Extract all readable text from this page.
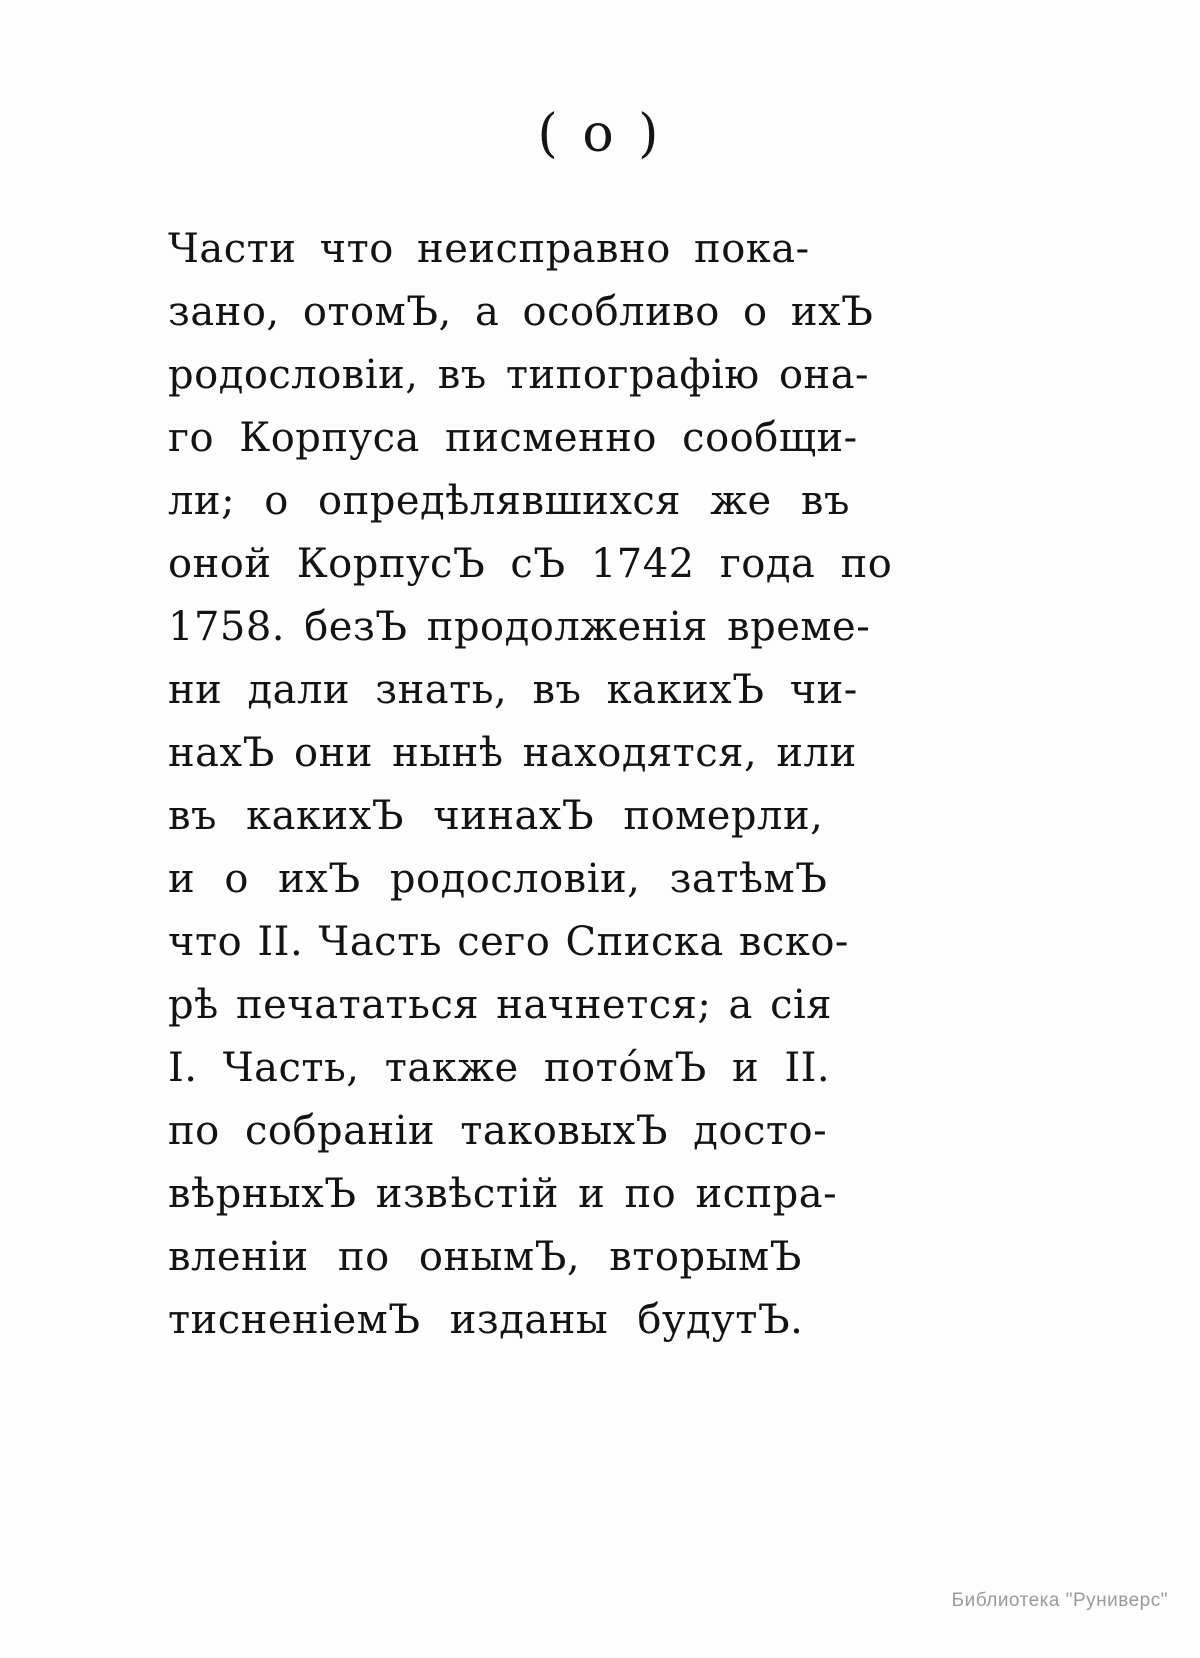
( o )
Части что неисправно пока-
зано, отомЪ, а особливо о ихЪ
родословіи, въ типографію она-
го Корпуса писменно сообщи-
ли; о опредѣлявшихся же въ
оной КорпусЪ сЪ 1742 года по
1758. безЪ продолженія време-
ни дали знать, въ какихЪ чи-
нахЪ они нынѣ находятся, или
въ какихЪ чинахЪ померли,
и о ихЪ родословіи, затѣмЪ
что II. Часть сего Списка вско-
рѣ печататься начнется; а сія
I. Часть, также потóмЪ и II.
по собраніи таковыхЪ досто-
вѣрныхЪ извѣстій и по испра-
вленіи по онымЪ, вторымЪ
тисненіемЪ изданы будутЪ.
Библиотека "Руниверс"
